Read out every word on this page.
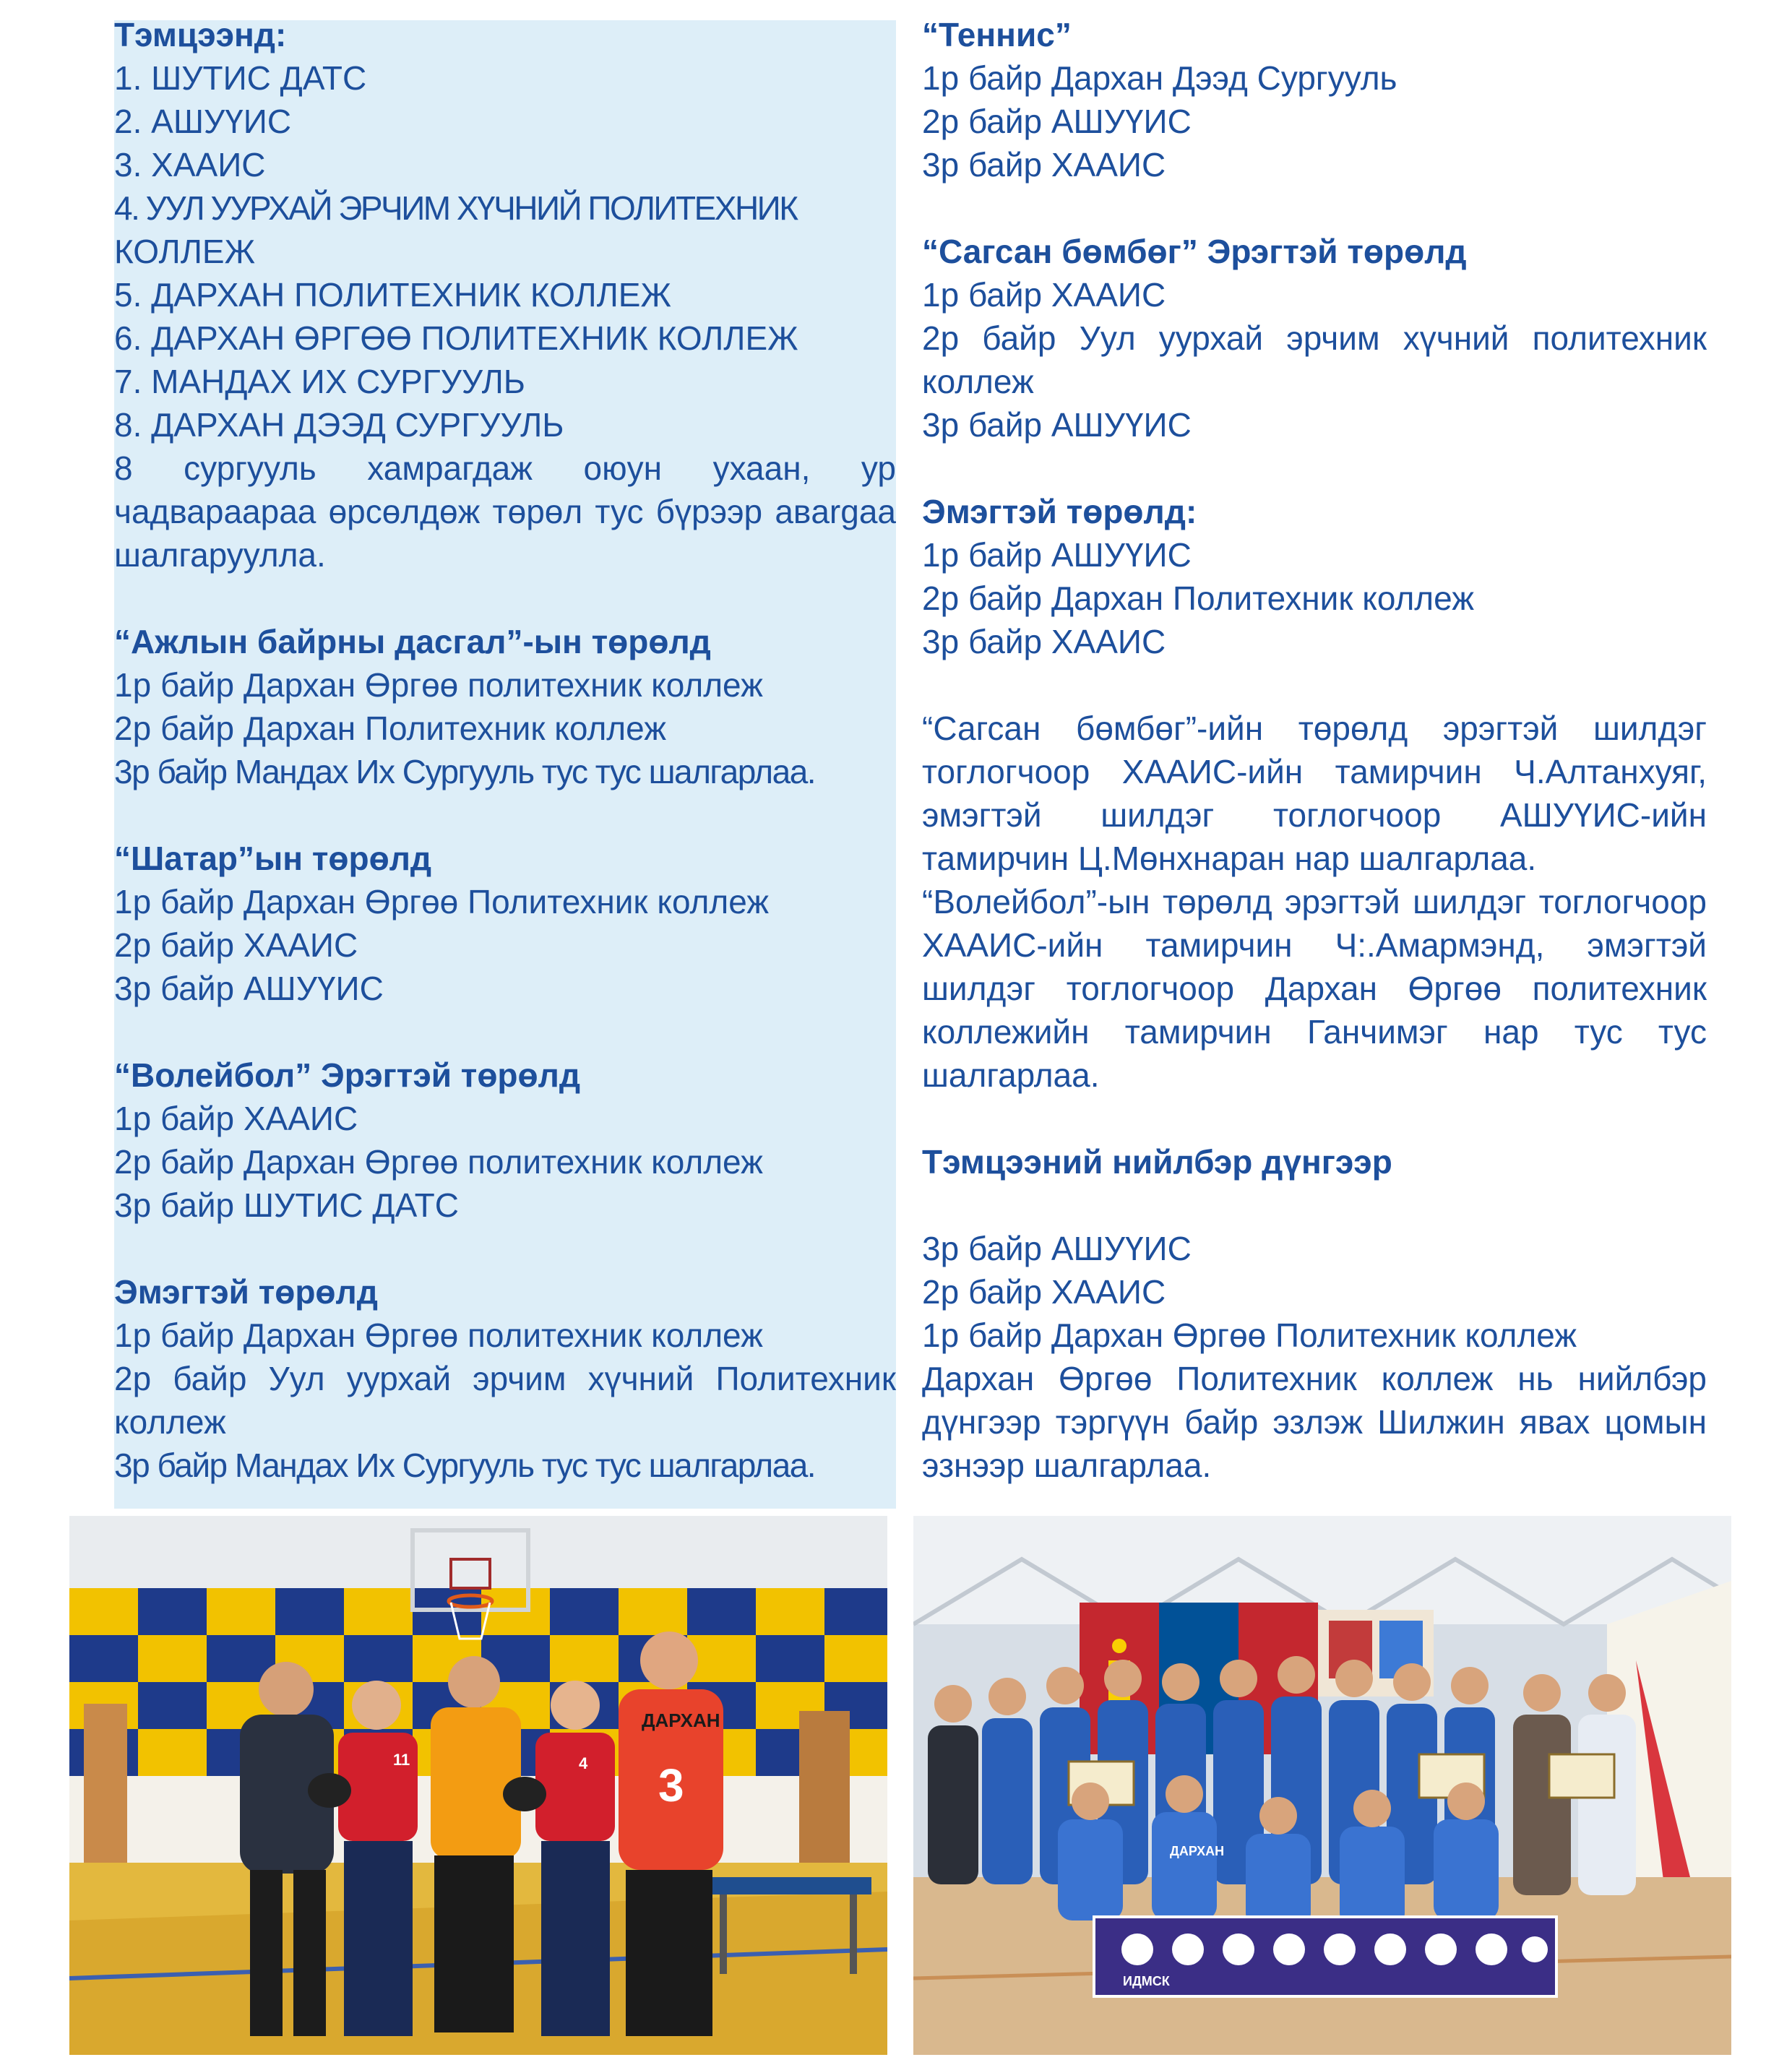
Тэмцээнд:

1. ШУТИС ДАТС

2. АШУҮИС

3. ХААИС

4. УУЛ УУРХАЙ ЭРЧИМ ХҮЧНИЙ ПОЛИТЕХНИК

КОЛЛЕЖ

5. ДАРХАН ПОЛИТЕХНИК КОЛЛЕЖ

6. ДАРХАН ӨРГӨӨ ПОЛИТЕХНИК КОЛЛЕЖ

7. МАНДАХ ИХ СУРГУУЛЬ

8. ДАРХАН ДЭЭД СУРГУУЛЬ

8 сургууль хамрагдаж оюун ухаан, ур чадвараараа өрсөлдөж төрөл тус бүрээр авargaa шалгаруулла.

“Ажлын байрны дасгал”-ын төрөлд

1р байр Дархан Өргөө политехник коллеж

2р байр Дархан Политехник коллеж

3р байр Мандах Их Сургууль тус тус шалгарлаа.

“Шатар”ын төрөлд

1р байр Дархан Өргөө Политехник коллеж

2р байр ХААИС

3р байр АШУҮИС

“Волейбол” Эрэгтэй төрөлд

1р байр ХААИС

2р байр Дархан Өргөө политехник коллеж

3р байр ШУТИС ДАТС

Эмэгтэй төрөлд

1р байр Дархан Өргөө политехник коллеж

2р байр Уул уурхай эрчим хүчний Политехник коллеж

3р байр Мандах Их Сургууль тус тус шалгарлаа.

“Теннис”

1р байр Дархан Дээд Сургууль

2р байр АШУҮИС

3р байр ХААИС

“Сагсан бөмбөг” Эрэгтэй төрөлд

1р байр ХААИС

2р байр Уул уурхай эрчим хүчний политехник коллеж

3р байр АШУҮИС

Эмэгтэй төрөлд:

1р байр АШУҮИС

2р байр Дархан Политехник коллеж

3р байр ХААИС

“Сагсан бөмбөг”-ийн төрөлд эрэгтэй шилдэг тоглогчоор ХААИС-ийн тамирчин Ч.Алтанхуяг, эмэгтэй шилдэг тоглогчоор АШУҮИС-ийн тамирчин Ц.Мөнхнаран нар шалгарлаа.

“Волейбол”-ын төрөлд эрэгтэй шилдэг тоглогчоор ХААИС-ийн тамирчин Ч:.Амармэнд, эмэгтэй шилдэг тоглогчоор Дархан Өргөө политехник коллежийн тамирчин Ганчимэг нар тус тус шалгарлаа.

Тэмцээний нийлбэр дүнгээр

3р байр АШУҮИС

2р байр ХААИС

1р байр Дархан Өргөө Политехник коллеж

Дархан Өргөө Политехник коллеж нь нийлбэр дүнгээр тэргүүн байр эзлэж Шилжин явах цомын эзнээр шалгарлаа.

11	4
ДАРХАН
3
ДАРХАН
ИДМСК
